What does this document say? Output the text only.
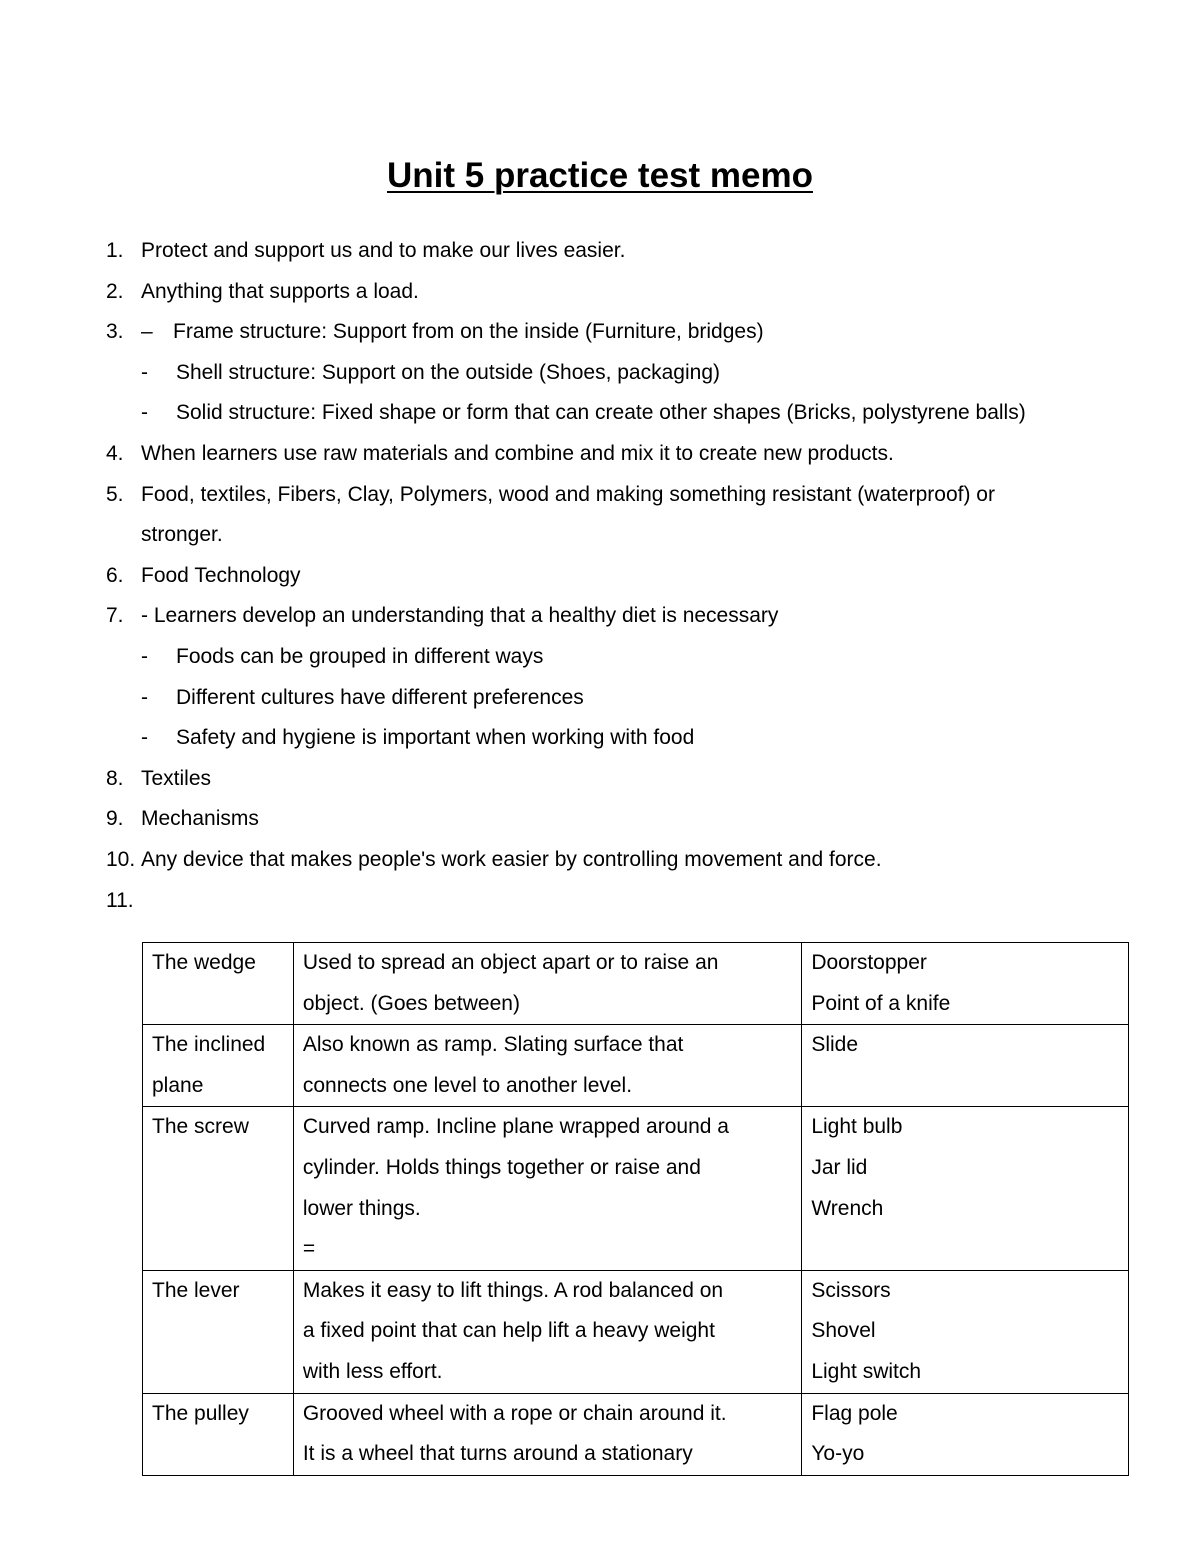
Unit 5 practice test memo
1. Protect and support us and to make our lives easier.
2. Anything that supports a load.
3. – Frame structure: Support from on the inside (Furniture, bridges)
- Shell structure: Support on the outside (Shoes, packaging)
- Solid structure: Fixed shape or form that can create other shapes (Bricks, polystyrene balls)
4. When learners use raw materials and combine and mix it to create new products.
5. Food, textiles, Fibers, Clay, Polymers, wood and making something resistant (waterproof) or
stronger.
6. Food Technology
7. - Learners develop an understanding that a healthy diet is necessary
- Foods can be grouped in different ways
- Different cultures have different preferences
- Safety and hygiene is important when working with food
8. Textiles
9. Mechanisms
10. Any device that makes people's work easier by controlling movement and force.
11.
The wedge	Used to spread an object apart or to raise an
object. (Goes between)	Doorstopper
Point of a knife

The inclined
plane	Also known as ramp. Slating surface that
connects one level to another level.	Slide

The screw	Curved ramp. Incline plane wrapped around a
cylinder. Holds things together or raise and
lower things.
=	Light bulb
Jar lid
Wrench

The lever	Makes it easy to lift things. A rod balanced on
a fixed point that can help lift a heavy weight
with less effort.	Scissors
Shovel
Light switch

The pulley	Grooved wheel with a rope or chain around it.
It is a wheel that turns around a stationary	Flag pole
Yo-yo
